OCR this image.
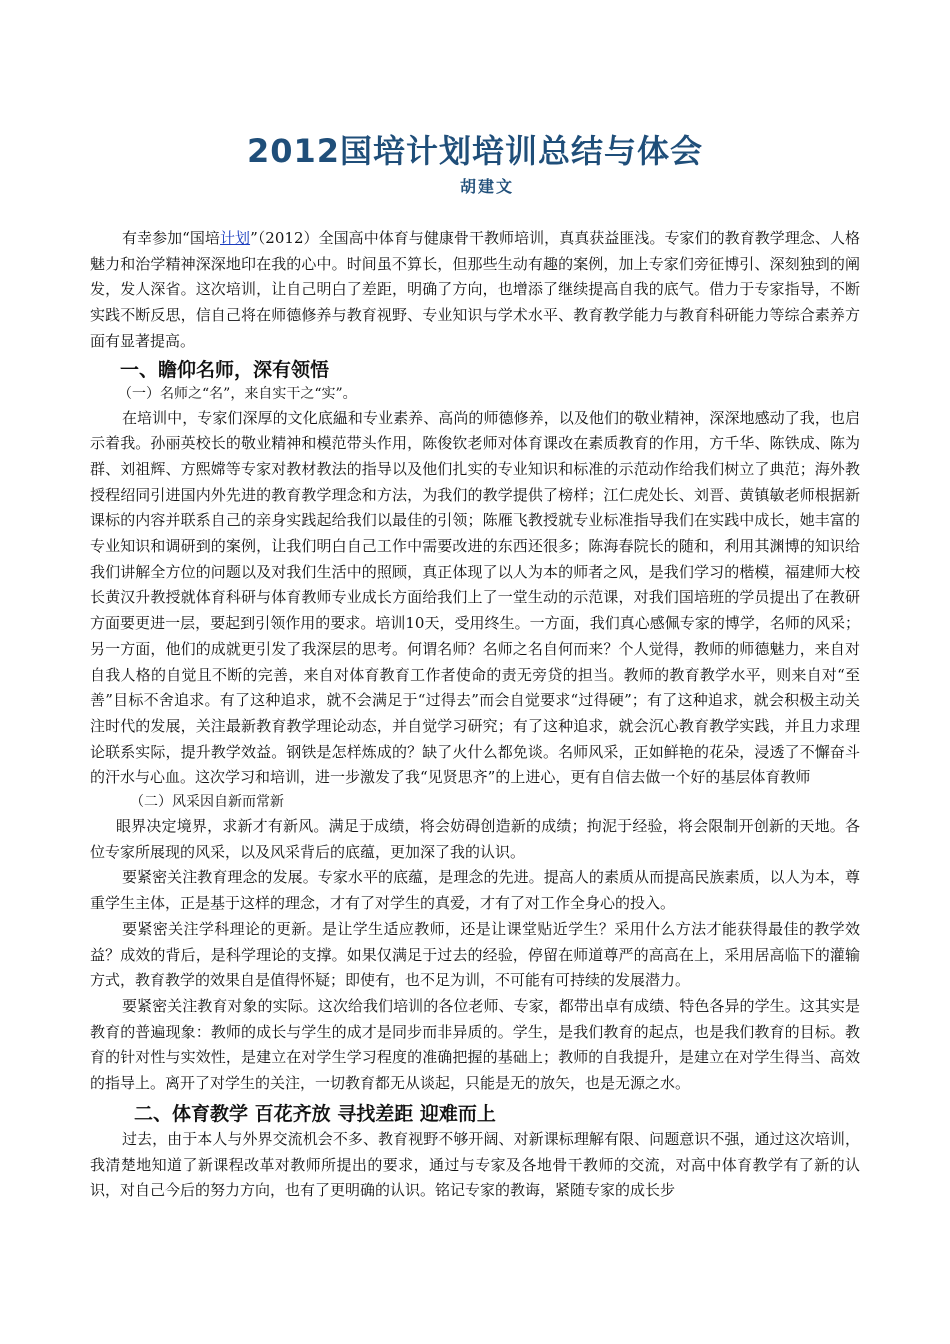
2012国培计划培训总结与体会
胡建文

有幸参加“国培计划”（2012）全国高中体育与健康骨干教师培训，真真获益匪浅。专家们的教育教学理念、人格魅力和治学精神深深地印在我的心中。时间虽不算长，但那些生动有趣的案例，加上专家们旁征博引、深刻独到的阐发，发人深省。这次培训，让自己明白了差距，明确了方向，也增添了继续提高自我的底气。借力于专家指导，不断实践不断反思，信自己将在师德修养与教育视野、专业知识与学术水平、教育教学能力与教育科研能力等综合素养方面有显著提高。

一、瞻仰名师，深有领悟
（一）名师之“名”，来自实干之“实”。

在培训中，专家们深厚的文化底緼和专业素养、高尚的师德修养，以及他们的敬业精神，深深地感动了我，也启示着我。孙丽英校长的敬业精神和模范带头作用，陈俊钦老师对体育课改在素质教育的作用，方千华、陈铁成、陈为群、刘祖辉、方熙嫦等专家对教材教法的指导以及他们扎实的专业知识和标准的示范动作给我们树立了典范；海外教授程绍同引进国内外先进的教育教学理念和方法，为我们的教学提供了榜样；江仁虎处长、刘晋、黄镇敏老师根据新课标的内容并联系自己的亲身实践起给我们以最佳的引领；陈雁飞教授就专业标准指导我们在实践中成长，她丰富的专业知识和调研到的案例，让我们明白自己工作中需要改进的东西还很多；陈海春院长的随和，利用其渊博的知识给我们讲解全方位的问题以及对我们生活中的照顾，真正体现了以人为本的师者之风，是我们学习的楷模，福建师大校长黄汉升教授就体育科研与体育教师专业成长方面给我们上了一堂生动的示范课，对我们国培班的学员提出了在教研方面要更进一层，要起到引领作用的要求。培训10天，受用终生。一方面，我们真心感佩专家的博学，名师的风采；另一方面，他们的成就更引发了我深层的思考。何谓名师？名师之名自何而来？个人觉得，教师的师德魅力，来自对自我人格的自觉且不断的完善，来自对体育教育工作者使命的责无旁贷的担当。教师的教育教学水平，则来自对“至善”目标不舍追求。有了这种追求，就不会满足于“过得去”而会自觉要求“过得硬”；有了这种追求，就会积极主动关注时代的发展，关注最新教育教学理论动态，并自觉学习研究；有了这种追求，就会沉心教育教学实践，并且力求理论联系实际，提升教学效益。钢铁是怎样炼成的？缺了火什么都免谈。名师风采，正如鲜艳的花朵，浸透了不懈奋斗的汗水与心血。这次学习和培训，进一步激发了我“见贤思齐”的上进心，更有自信去做一个好的基层体育教师

（二）风采因自新而常新

眼界决定境界，求新才有新风。满足于成绩，将会妨碍创造新的成绩；拘泥于经验，将会限制开创新的天地。各位专家所展现的风采，以及风采背后的底蕴，更加深了我的认识。

要紧密关注教育理念的发展。专家水平的底蕴，是理念的先进。提高人的素质从而提高民族素质，以人为本，尊重学生主体，正是基于这样的理念，才有了对学生的真爱，才有了对工作全身心的投入。

要紧密关注学科理论的更新。是让学生适应教师，还是让课堂贴近学生？采用什么方法才能获得最佳的教学效益？成效的背后，是科学理论的支撑。如果仅满足于过去的经验，停留在师道尊严的高高在上，采用居高临下的灌输方式，教育教学的效果自是值得怀疑；即使有，也不足为训，不可能有可持续的发展潜力。

要紧密关注教育对象的实际。这次给我们培训的各位老师、专家，都带出卓有成绩、特色各异的学生。这其实是教育的普遍现象：教师的成长与学生的成才是同步而非异质的。学生，是我们教育的起点，也是我们教育的目标。教育的针对性与实效性，是建立在对学生学习程度的准确把握的基础上；教师的自我提升，是建立在对学生得当、高效的指导上。离开了对学生的关注，一切教育都无从谈起，只能是无的放矢，也是无源之水。

二、体育教学 百花齐放 寻找差距 迎难而上

过去，由于本人与外界交流机会不多、教育视野不够开阔、对新课标理解有限、问题意识不强，通过这次培训，我清楚地知道了新课程改革对教师所提出的要求，通过与专家及各地骨干教师的交流，对高中体育教学有了新的认识，对自己今后的努力方向，也有了更明确的认识。铭记专家的教诲，紧随专家的成长步
